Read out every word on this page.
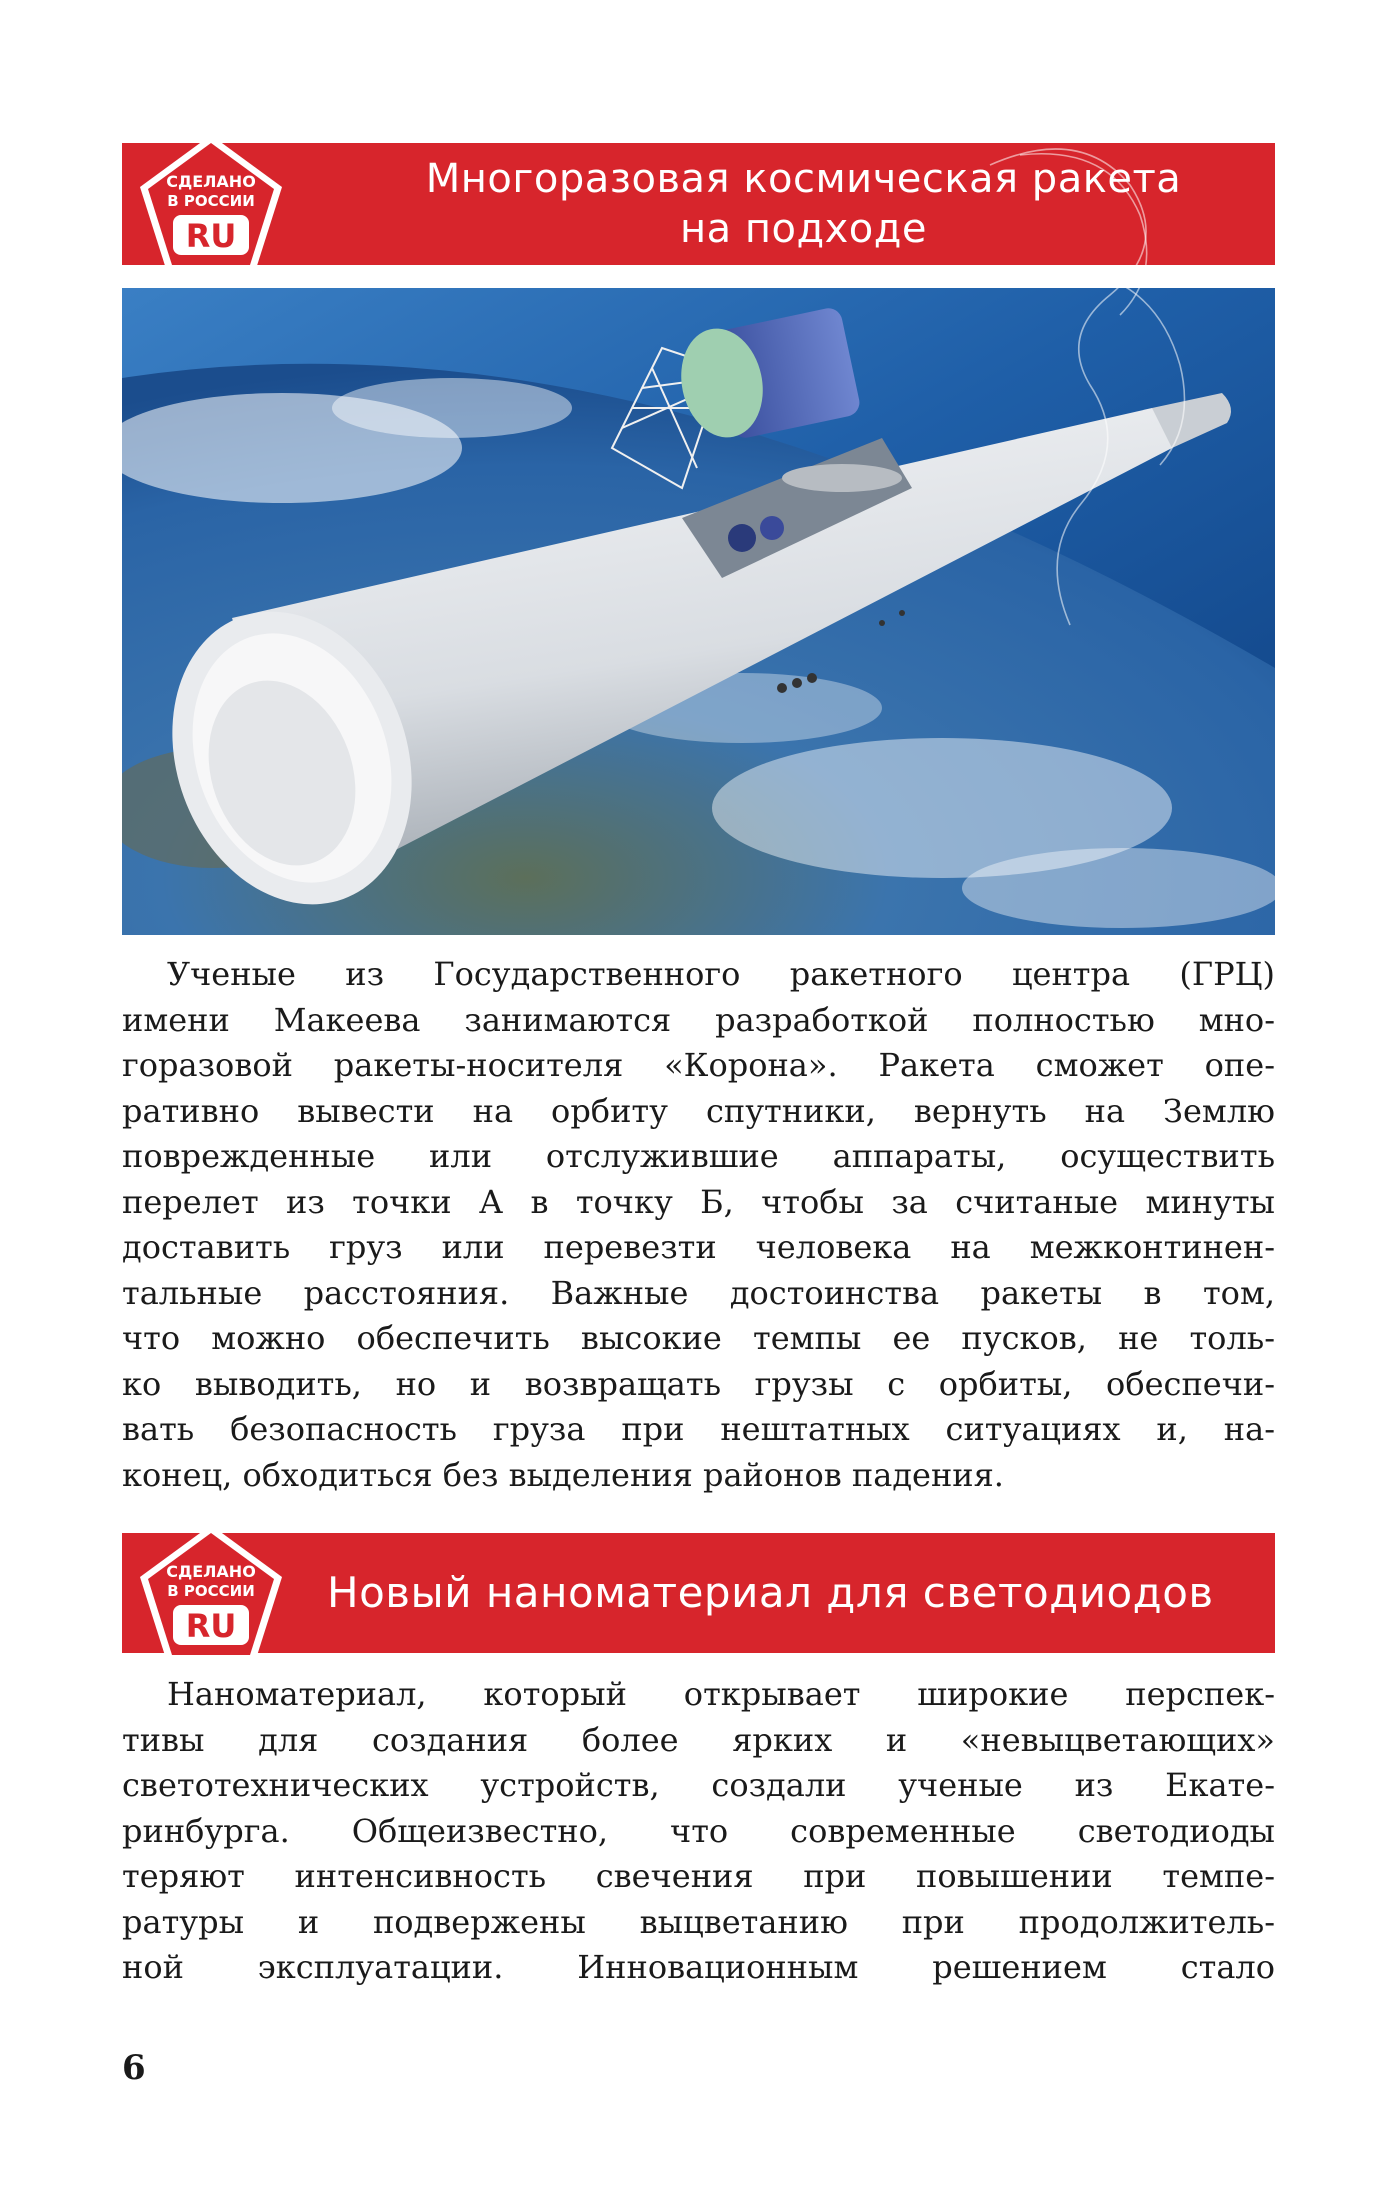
СДЕЛАНО
В РОССИИ
RU
Многоразовая космическая ракета
на подходе
Ученые из Государственного ракетного центра (ГРЦ)
имени Макеева занимаются разработкой полностью мно-
горазовой ракеты-носителя «Корона». Ракета сможет опе-
ративно вывести на орбиту спутники, вернуть на Землю
поврежденные или отслужившие аппараты, осуществить
перелет из точки А в точку Б, чтобы за считаные минуты
доставить груз или перевезти человека на межконтинен-
тальные расстояния. Важные достоинства ракеты в том,
что можно обеспечить высокие темпы ее пусков, не толь-
ко выводить, но и возвращать грузы с орбиты, обеспечи-
вать безопасность груза при нештатных ситуациях и, на-
конец, обходиться без выделения районов падения.
СДЕЛАНО
В РОССИИ
RU
Новый наноматериал для светодиодов
Наноматериал, который открывает широкие перспек-
тивы для создания более ярких и «невыцветающих»
светотехнических устройств, создали ученые из Екате-
ринбурга. Общеизвестно, что современные светодиоды
теряют интенсивность свечения при повышении темпе-
ратуры и подвержены выцветанию при продолжитель-
ной эксплуатации. Инновационным решением стало
6
